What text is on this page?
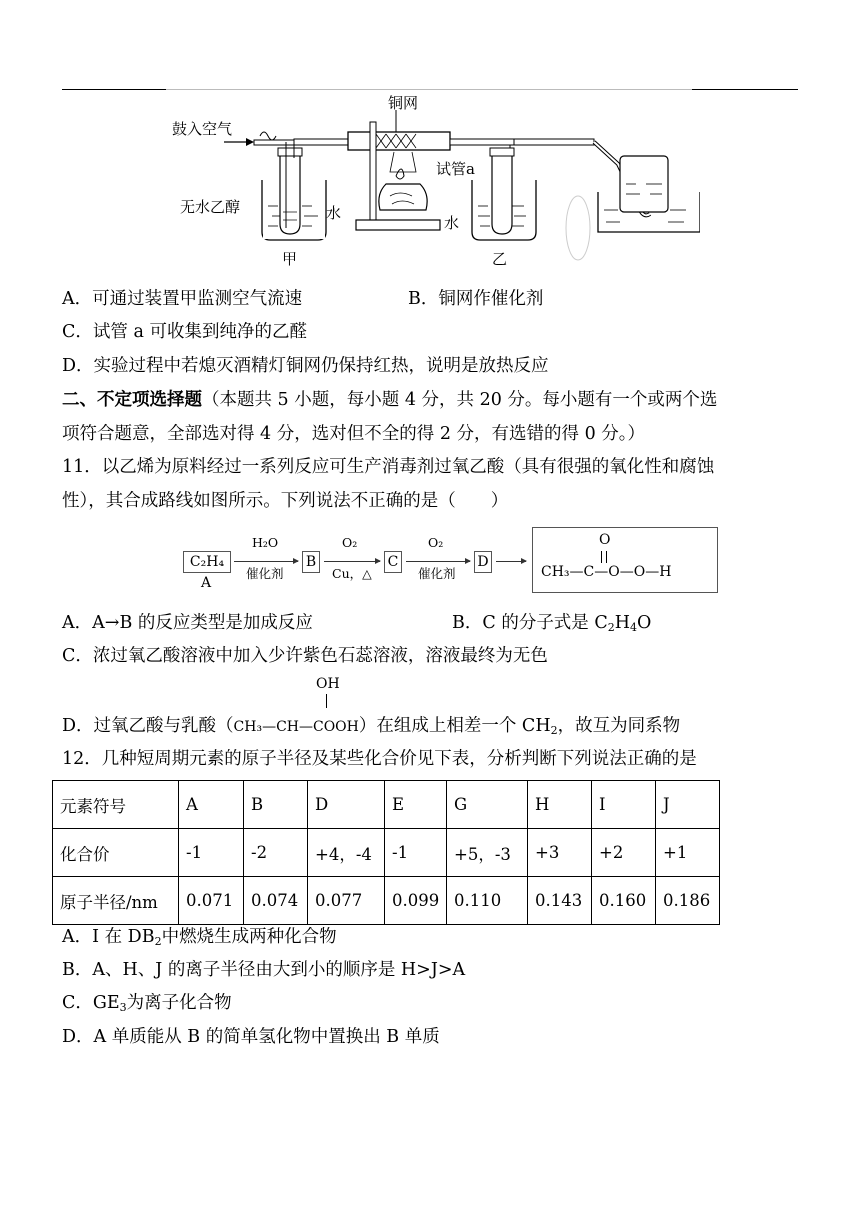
鼓入空气
铜网
试管a
无水乙醇	水
水
甲	乙
A．可通过装置甲监测空气流速	B．铜网作催化剂
C．试管 a 可收集到纯净的乙醛
D．实验过程中若熄灭酒精灯铜网仍保持红热，说明是放热反应
二、不定项选择题（本题共 5 小题，每小题 4 分，共 20 分。每小题有一个或两个选
项符合题意，全部选对得 4 分，选对但不全的得 2 分，有选错的得 0 分。）
11．以乙烯为原料经过一系列反应可生产消毒剂过氧乙酸（具有很强的氧化性和腐蚀
性），其合成路线如图所示。下列说法不正确的是（　　）
C₂H₄
A
H₂O
催化剂
B
O₂
Cu，△
C
O₂
催化剂
D
O
CH₃—C—O—O—H
A．A→B 的反应类型是加成反应	B．C 的分子式是 $C_2H_4O$
C．浓过氧乙酸溶液中加入少许紫色石蕊溶液，溶液最终为无色
OH
D．过氧乙酸与乳酸（CH₃—CH—COOH）在组成上相差一个 $CH_2$，故互为同系物
12．几种短周期元素的原子半径及某些化合价见下表，分析判断下列说法正确的是
元素符号	A	B	D	E	G	H	I	J
化合价	-1	-2	+4，-4	-1	+5，-3	+3	+2	+1
原子半径/nm	0.071	0.074	0.077	0.099	0.110	0.143	0.160	0.186
A．I 在 $DB_2$中燃烧生成两种化合物
B．A、H、J 的离子半径由大到小的顺序是 H>J>A
C．$GE_3$为离子化合物
D．A 单质能从 B 的简单氢化物中置换出 B 单质
